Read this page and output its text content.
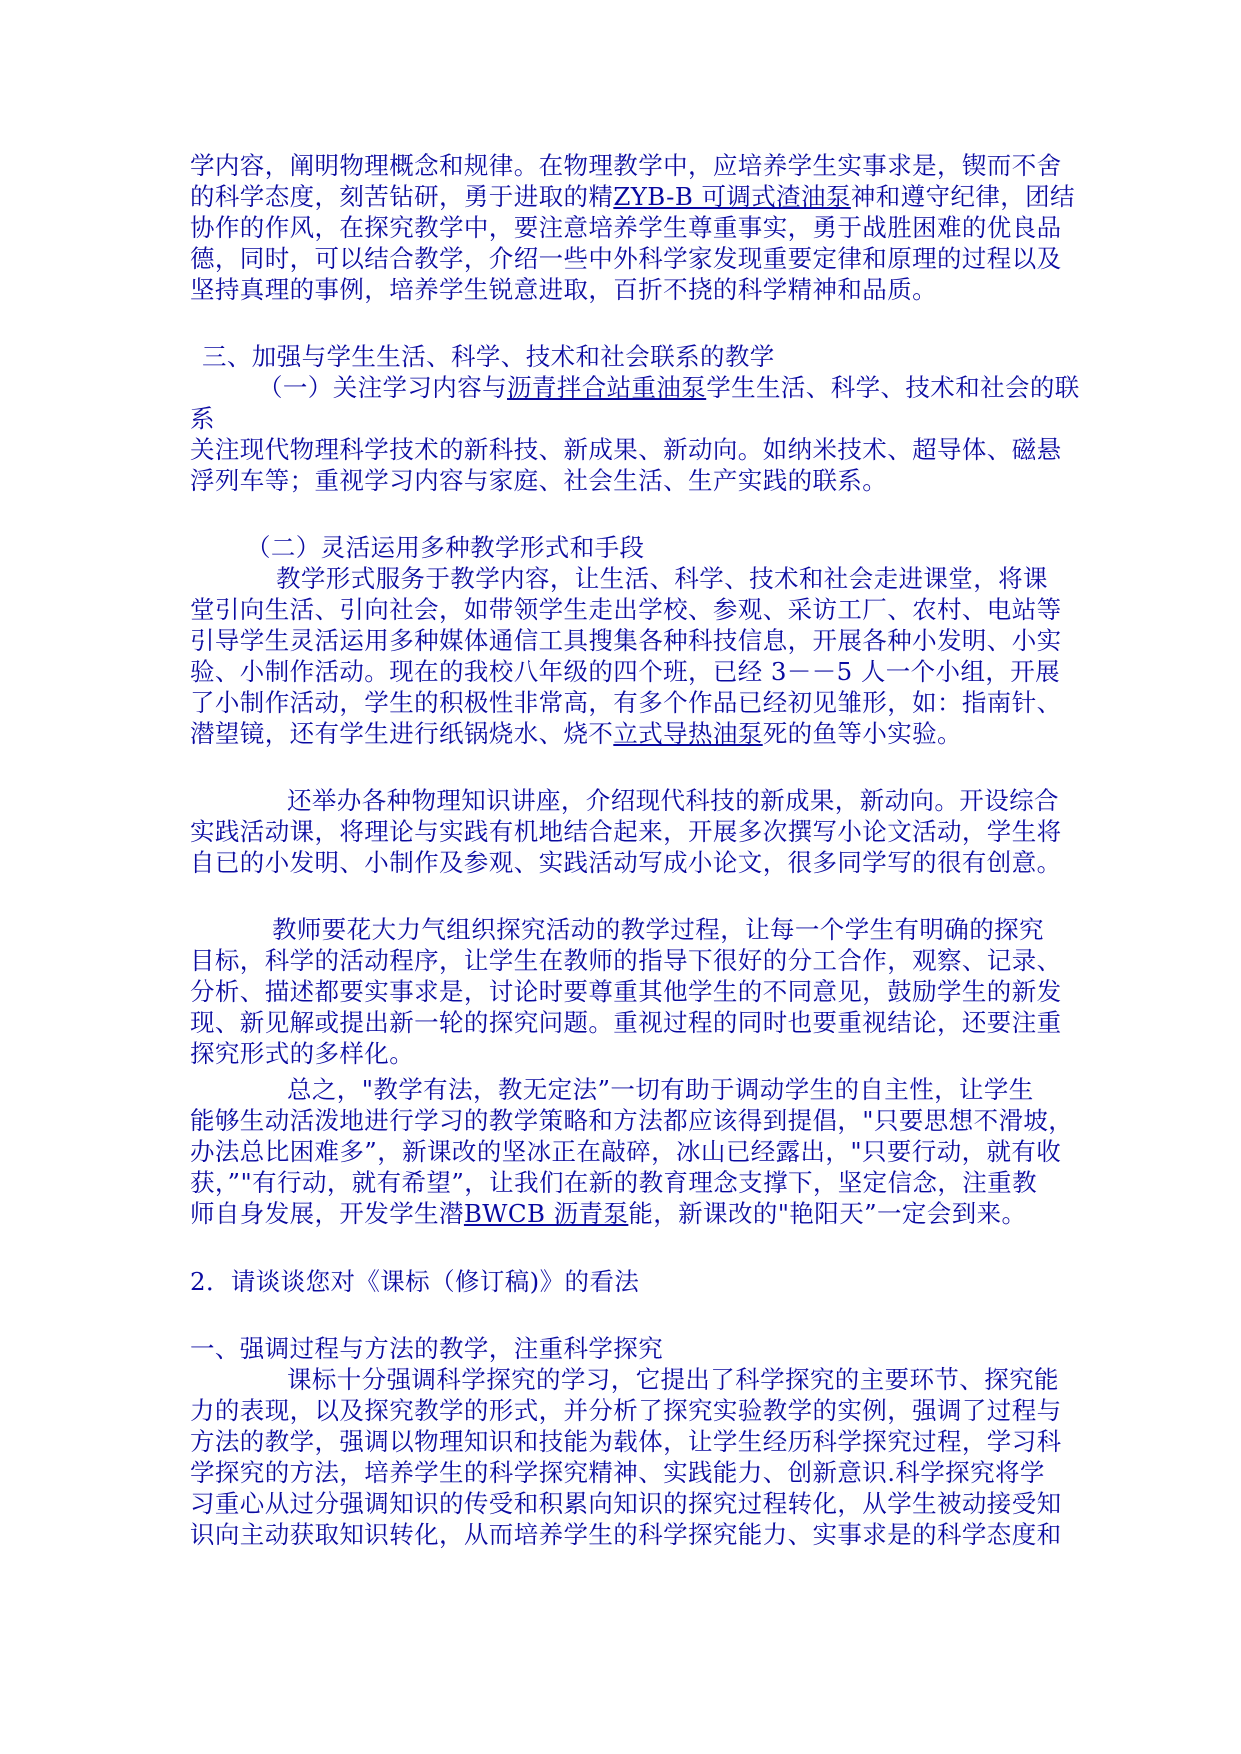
学内容，阐明物理概念和规律。在物理教学中，应培养学生实事求是，锲而不舍
的科学态度，刻苦钻研，勇于进取的精ZYB-B 可调式渣油泵神和遵守纪律，团结
协作的作风，在探究教学中，要注意培养学生尊重事实，勇于战胜困难的优良品
德，同时，可以结合教学，介绍一些中外科学家发现重要定律和原理的过程以及
坚持真理的事例，培养学生锐意进取，百折不挠的科学精神和品质。
三、加强与学生生活、科学、技术和社会联系的教学
（一）关注学习内容与沥青拌合站重油泵学生生活、科学、技术和社会的联
系
关注现代物理科学技术的新科技、新成果、新动向。如纳米技术、超导体、磁悬
浮列车等；重视学习内容与家庭、社会生活、生产实践的联系。
（二）灵活运用多种教学形式和手段
教学形式服务于教学内容，让生活、科学、技术和社会走进课堂，将课
堂引向生活、引向社会，如带领学生走出学校、参观、采访工厂、农村、电站等
引导学生灵活运用多种媒体通信工具搜集各种科技信息，开展各种小发明、小实
验、小制作活动。现在的我校八年级的四个班，已经 3－－5 人一个小组，开展
了小制作活动，学生的积极性非常高，有多个作品已经初见雏形，如：指南针、
潜望镜，还有学生进行纸锅烧水、烧不立式导热油泵死的鱼等小实验。
还举办各种物理知识讲座，介绍现代科技的新成果，新动向。开设综合
实践活动课，将理论与实践有机地结合起来，开展多次撰写小论文活动，学生将
自已的小发明、小制作及参观、实践活动写成小论文，很多同学写的很有创意。
教师要花大力气组织探究活动的教学过程，让每一个学生有明确的探究
目标，科学的活动程序，让学生在教师的指导下很好的分工合作，观察、记录、
分析、描述都要实事求是，讨论时要尊重其他学生的不同意见，鼓励学生的新发
现、新见解或提出新一轮的探究问题。重视过程的同时也要重视结论，还要注重
探究形式的多样化。
总之，"教学有法，教无定法”一切有助于调动学生的自主性，让学生
能够生动活泼地进行学习的教学策略和方法都应该得到提倡，"只要思想不滑坡，
办法总比困难多”，新课改的坚冰正在敲碎，冰山已经露出，"只要行动，就有收
获，”"有行动，就有希望”，让我们在新的教育理念支撑下，坚定信念，注重教
师自身发展，开发学生潜BWCB 沥青泵能，新课改的"艳阳天”一定会到来。
2．请谈谈您对《课标（修订稿)》的看法
一、强调过程与方法的教学，注重科学探究
课标十分强调科学探究的学习，它提出了科学探究的主要环节、探究能
力的表现，以及探究教学的形式，并分析了探究实验教学的实例，强调了过程与
方法的教学，强调以物理知识和技能为载体，让学生经历科学探究过程，学习科
学探究的方法，培养学生的科学探究精神、实践能力、创新意识.科学探究将学
习重心从过分强调知识的传受和积累向知识的探究过程转化，从学生被动接受知
识向主动获取知识转化，从而培养学生的科学探究能力、实事求是的科学态度和
